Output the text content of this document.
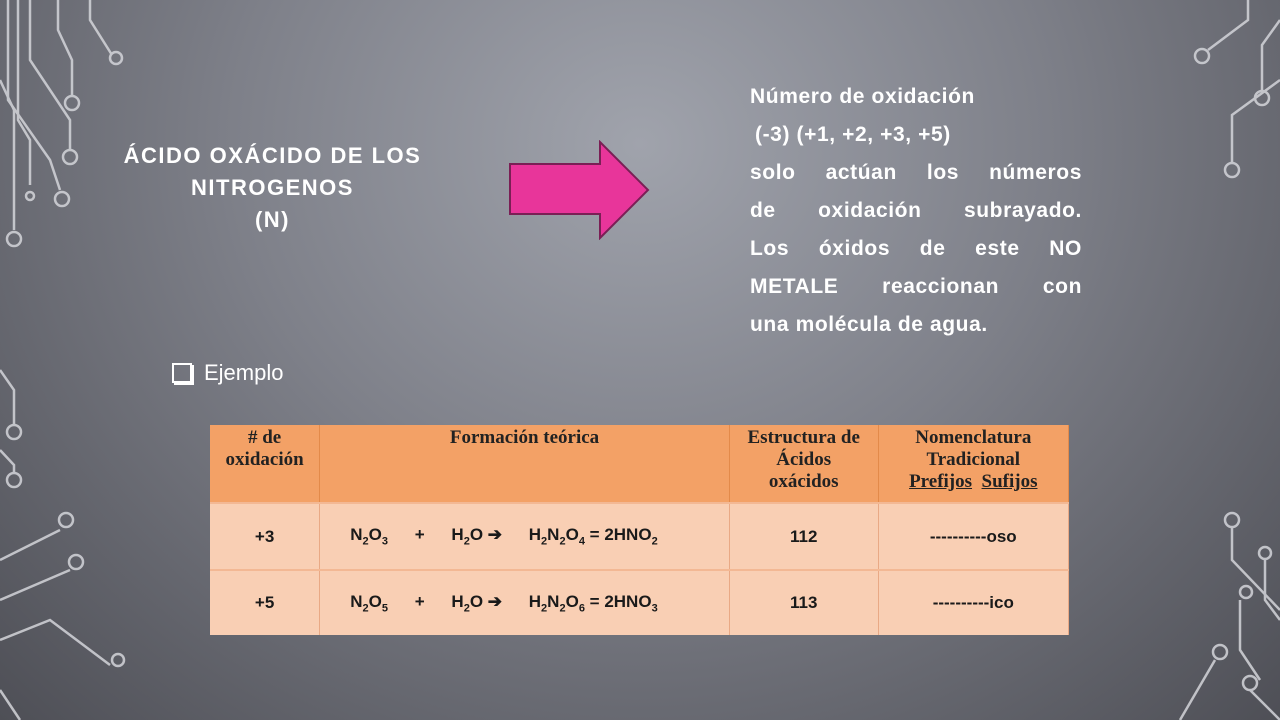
ÁCIDO OXÁCIDO DE LOS
NITROGENOS
(N)
Número de oxidación
(-3) (+1, +2, +3, +5)
solo actúan los números
de oxidación subrayado.
Los óxidos de este NO
METALE reaccionan con
una molécula de agua.
Ejemplo
# de
oxidación	Formación teórica	Estructura de
Ácidos
oxácidos	Nomenclatura
Tradicional
Prefijos Sufijos
+3	$N_2O_3 + H_2O$ ➔ $H_2N_2O_4 = 2HNO_2$	112	----------oso
+5	$N_2O_5 + H_2O$ ➔ $H_2N_2O_6 = 2HNO_3$	113	----------ico
